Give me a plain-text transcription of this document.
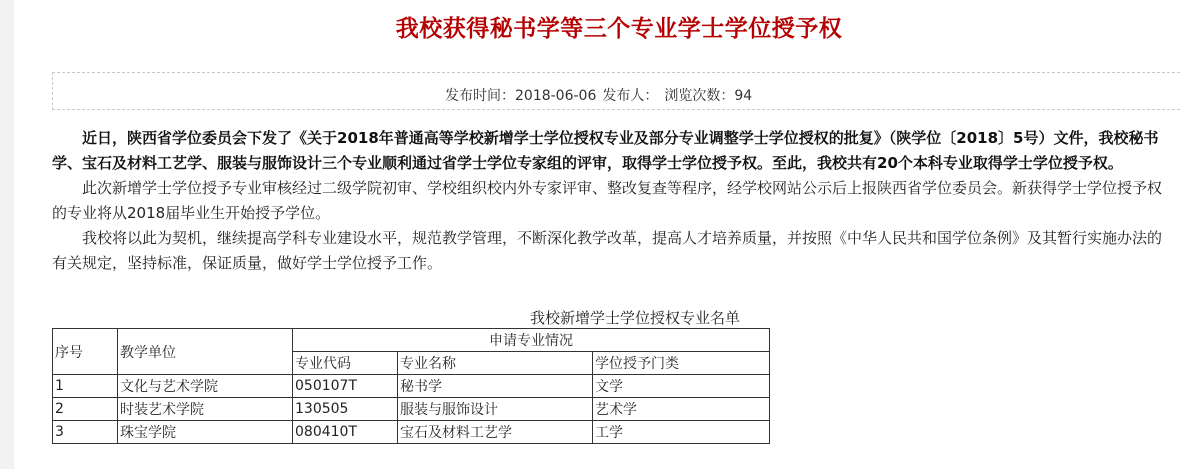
我校获得秘书学等三个专业学士学位授予权
发布时间：2018-06-06 发布人： 浏览次数：94

近日，陕西省学位委员会下发了《关于2018年普通高等学校新增学士学位授权专业及部分专业调整学士学位授权的批复》（陕学位〔2018〕5号）文件，我校秘书学、宝石及材料工艺学、服装与服饰设计三个专业顺利通过省学士学位专家组的评审，取得学士学位授予权。至此，我校共有20个本科专业取得学士学位授予权。

此次新增学士学位授予专业审核经过二级学院初审、学校组织校内外专家评审、整改复查等程序，经学校网站公示后上报陕西省学位委员会。新获得学士学位授予权的专业将从2018届毕业生开始授予学位。

我校将以此为契机，继续提高学科专业建设水平，规范教学管理，不断深化教学改革，提高人才培养质量，并按照《中华人民共和国学位条例》及其暂行实施办法的有关规定，坚持标准，保证质量，做好学士学位授予工作。

我校新增学士学位授权专业名单
序号	教学单位	申请专业情况		
		专业代码	专业名称	学位授予门类
1	文化与艺术学院	050107T	秘书学	文学
2	时装艺术学院	130505	服装与服饰设计	艺术学
3	珠宝学院	080410T	宝石及材料工艺学	工学
